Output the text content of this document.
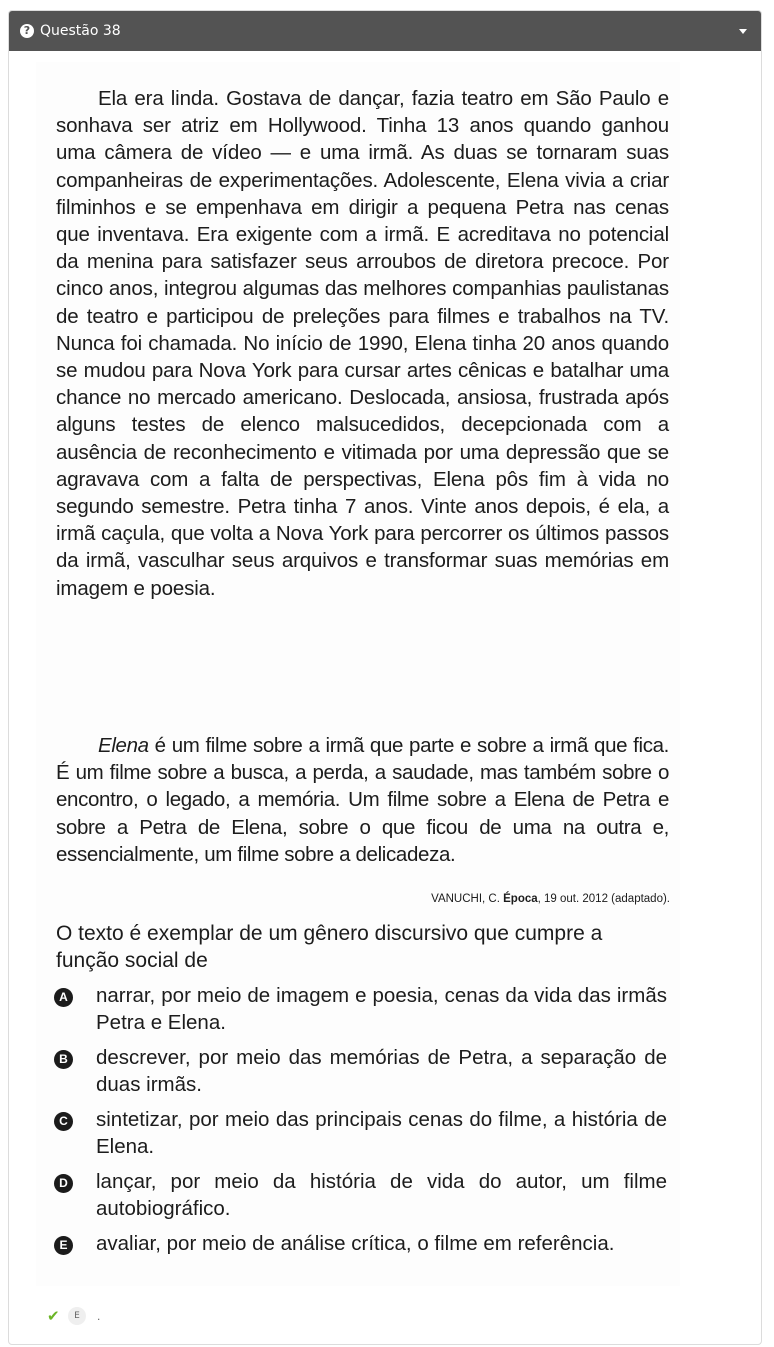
? Questão 38

Ela era linda. Gostava de dançar, fazia teatro em São Paulo e sonhava ser atriz em Hollywood. Tinha 13 anos quando ganhou uma câmera de vídeo — e uma irmã. As duas se tornaram suas companheiras de experimentações. Adolescente, Elena vivia a criar filminhos e se empenhava em dirigir a pequena Petra nas cenas que inventava. Era exigente com a irmã. E acreditava no potencial da menina para satisfazer seus arroubos de diretora precoce. Por cinco anos, integrou algumas das melhores companhias paulistanas de teatro e participou de preleções para filmes e trabalhos na TV. Nunca foi chamada. No início de 1990, Elena tinha 20 anos quando se mudou para Nova York para cursar artes cênicas e batalhar uma chance no mercado americano. Deslocada, ansiosa, frustrada após alguns testes de elenco malsucedidos, decepcionada com a ausência de reconhecimento e vitimada por uma depressão que se agravava com a falta de perspectivas, Elena pôs fim à vida no segundo semestre. Petra tinha 7 anos. Vinte anos depois, é ela, a irmã caçula, que volta a Nova York para percorrer os últimos passos da irmã, vasculhar seus arquivos e transformar suas memórias em imagem e poesia.

Elena é um filme sobre a irmã que parte e sobre a irmã que fica. É um filme sobre a busca, a perda, a saudade, mas também sobre o encontro, o legado, a memória. Um filme sobre a Elena de Petra e sobre a Petra de Elena, sobre o que ficou de uma na outra e, essencialmente, um filme sobre a delicadeza.

VANUCHI, C. Época, 19 out. 2012 (adaptado).

O texto é exemplar de um gênero discursivo que cumpre a função social de

A narrar, por meio de imagem e poesia, cenas da vida das irmãs Petra e Elena.
B descrever, por meio das memórias de Petra, a separação de duas irmãs.
C sintetizar, por meio das principais cenas do filme, a história de Elena.
D lançar, por meio da história de vida do autor, um filme autobiográfico.
E avaliar, por meio de análise crítica, o filme em referência.
✔	E	.
